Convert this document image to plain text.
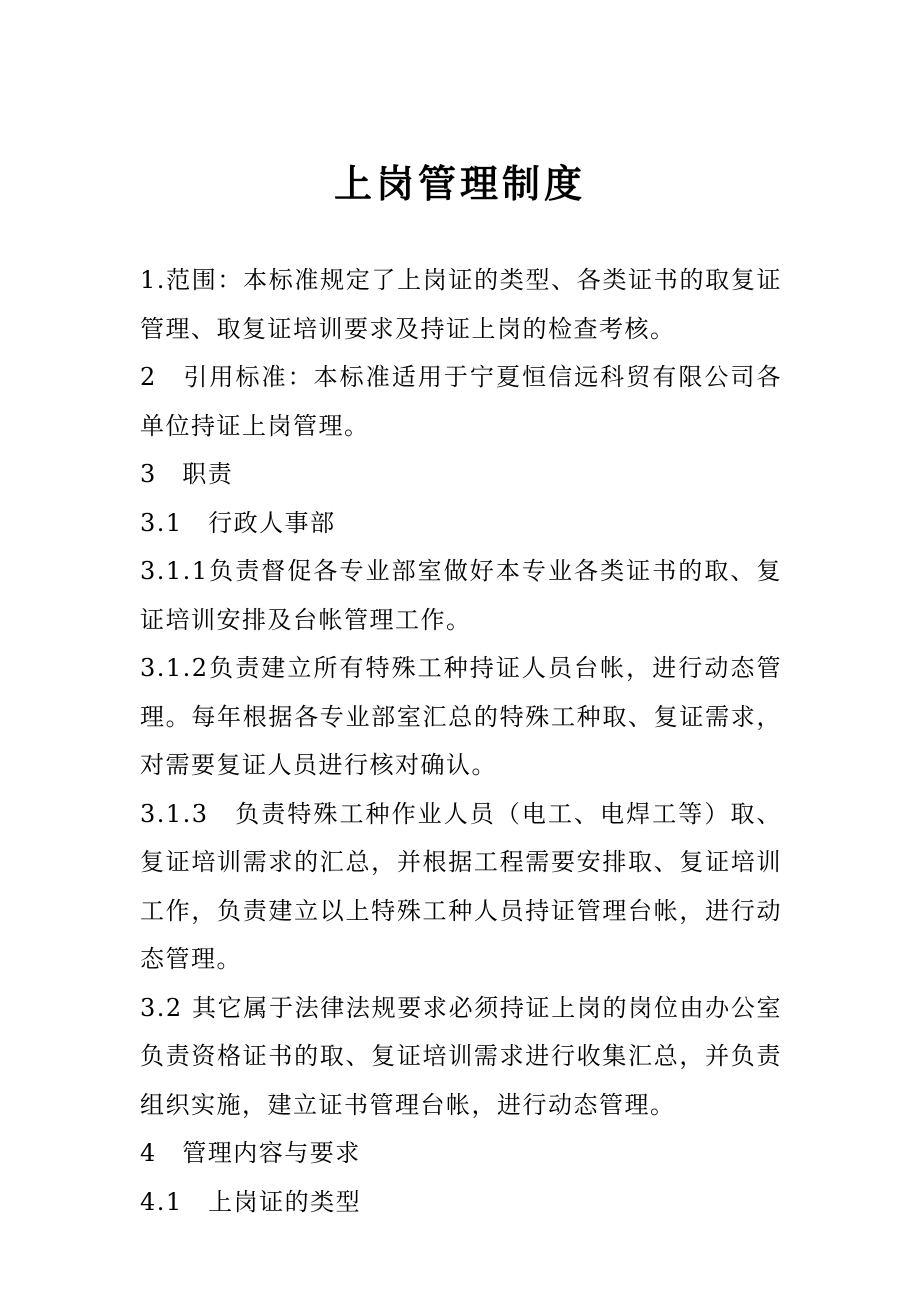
上岗管理制度

1.范围：本标准规定了上岗证的类型、各类证书的取复证管理、取复证培训要求及持证上岗的检查考核。

2　引用标准：本标准适用于宁夏恒信远科贸有限公司各单位持证上岗管理。

3　职责

3.1　行政人事部

3.1.1负责督促各专业部室做好本专业各类证书的取、复证培训安排及台帐管理工作。

3.1.2负责建立所有特殊工种持证人员台帐，进行动态管理。每年根据各专业部室汇总的特殊工种取、复证需求，对需要复证人员进行核对确认。

3.1.3　负责特殊工种作业人员（电工、电焊工等）取、复证培训需求的汇总，并根据工程需要安排取、复证培训工作，负责建立以上特殊工种人员持证管理台帐，进行动态管理。

3.2 其它属于法律法规要求必须持证上岗的岗位由办公室负责资格证书的取、复证培训需求进行收集汇总，并负责组织实施，建立证书管理台帐，进行动态管理。

4　管理内容与要求

4.1　上岗证的类型
